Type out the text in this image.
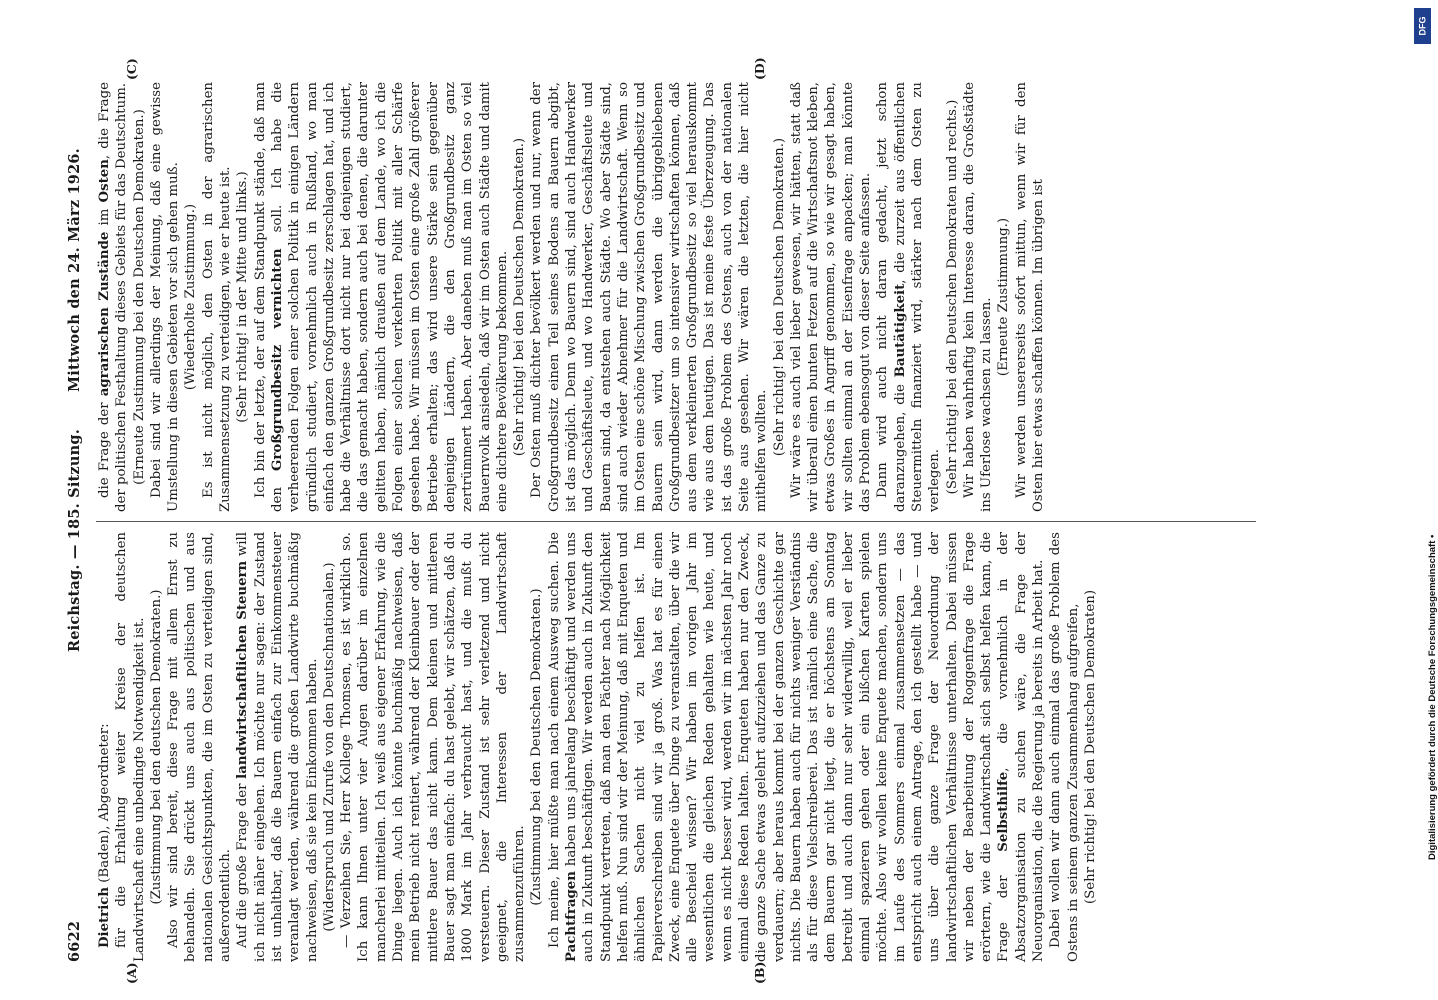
6622
Reichstag. — 185. Sitzung.
Mittwoch den 24. März 1926.
(A)	(B)
(C)	(D)

Dietrich (Baden), Abgeordneter: für die Erhaltung weiter Kreise der deutschen Landwirtschaft eine unbedingte Notwendigkeit ist. (Zustimmung bei den deutschen Demokraten.) Also wir sind bereit, diese Frage mit allem Ernst zu behandeln. Sie drückt uns auch aus politischen und aus nationalen Gesichtspunkten, die im Osten zu verteidigen sind, außerordentlich. Auf die große Frage der landwirtschaftlichen Steuern will ich nicht näher eingehen. Ich möchte nur sagen: der Zustand ist unhaltbar, daß die Bauern einfach zur Einkommensteuer veranlagt werden, während die großen Landwirte buchmäßig nachweisen, daß sie kein Einkommen haben. (Widerspruch und Zurufe von den Deutschnationalen.) — Verzeihen Sie, Herr Kollege Thomsen, es ist wirklich so. Ich kann Ihnen unter vier Augen darüber im einzelnen mancherlei mitteilen. Ich weiß aus eigener Erfahrung, wie die Dinge liegen. Auch ich könnte buchmäßig nachweisen, daß mein Betrieb nicht rentiert, während der Kleinbauer oder der mittlere Bauer das nicht kann. Dem kleinen und mittleren Bauer sagt man einfach: du hast gelebt, wir schätzen, daß du 1800 Mark im Jahr verbraucht hast, und die mußt du versteuern. Dieser Zustand ist sehr verletzend und nicht geeignet, die Interessen der Landwirtschaft zusammenzuführen. (Zustimmung bei den Deutschen Demokraten.) Ich meine, hier müßte man nach einem Ausweg suchen. Die Pachtfragen haben uns jahrelang beschäftigt und werden uns auch in Zukunft beschäftigen. Wir werden auch in Zukunft den Standpunkt vertreten, daß man den Pächter nach Möglichkeit helfen muß. Nun sind wir der Meinung, daß mit Enqueten und ähnlichen Sachen nicht viel zu helfen ist. Im Papierverschreiben sind wir ja groß. Was hat es für einen Zweck, eine Enquete über Dinge zu veranstalten, über die wir alle Bescheid wissen? Wir haben im vorigen Jahr im wesentlichen die gleichen Reden gehalten wie heute, und wenn es nicht besser wird, werden wir im nächsten Jahr noch einmal diese Reden halten. Enqueten haben nur den Zweck, die ganze Sache etwas gelehrt aufzuziehen und das Ganze zu verdauern; aber heraus kommt bei der ganzen Geschichte gar nichts. Die Bauern haben auch für nichts weniger Verständnis als für diese Vielschreiberei. Das ist nämlich eine Sache, die dem Bauern gar nicht liegt, die er höchstens am Sonntag betreibt und auch dann nur sehr widerwillig, weil er lieber einmal spazieren gehen oder ein bißchen Karten spielen möchte. Also wir wollen keine Enquete machen, sondern uns im Laufe des Sommers einmal zusammensetzen — das entspricht auch einem Antrage, den ich gestellt habe — und uns über die ganze Frage der Neuordnung der landwirtschaftlichen Verhältnisse unterhalten. Dabei müssen wir neben der Bearbeitung der Roggenfrage die Frage erörtern, wie die Landwirtschaft sich selbst helfen kann, die Frage der Selbsthilfe, die vornehmlich in der Absatzorganisation zu suchen wäre, die Frage der Neuorganisation, die die Regierung ja bereits in Arbeit hat. Dabei wollen wir dann auch einmal das große Problem des Ostens in seinem ganzen Zusammenhang aufgreifen, (Sehr richtig! bei den Deutschen Demokraten)

die Frage der agrarischen Zustände im Osten, die Frage der politischen Festhaltung dieses Gebiets für das Deutschtum. (Erneute Zustimmung bei den Deutschen Demokraten.) Dabei sind wir allerdings der Meinung, daß eine gewisse Umstellung in diesen Gebieten vor sich gehen muß. (Wiederholte Zustimmung.) Es ist nicht möglich, den Osten in der agrarischen Zusammensetzung zu verteidigen, wie er heute ist. (Sehr richtig! in der Mitte und links.) Ich bin der letzte, der auf dem Standpunkt stände, daß man den Großgrundbesitz vernichten soll. Ich habe die verheerenden Folgen einer solchen Politik in einigen Ländern gründlich studiert, vornehmlich auch in Rußland, wo man einfach den ganzen Großgrundbesitz zerschlagen hat, und ich habe die Verhältnisse dort nicht nur bei denjenigen studiert, die das gemacht haben, sondern auch bei denen, die darunter gelitten haben, nämlich draußen auf dem Lande, wo ich die Folgen einer solchen verkehrten Politik mit aller Schärfe gesehen habe. Wir müssen im Osten eine große Zahl größerer Betriebe erhalten; das wird unsere Stärke sein gegenüber denjenigen Ländern, die den Großgrundbesitz ganz zertrümmert haben. Aber daneben muß man im Osten so viel Bauernvolk ansiedeln, daß wir im Osten auch Städte und damit eine dichtere Bevölkerung bekommen. (Sehr richtig! bei den Deutschen Demokraten.) Der Osten muß dichter bevölkert werden und nur, wenn der Großgrundbesitz einen Teil seines Bodens an Bauern abgibt, ist das möglich. Denn wo Bauern sind, sind auch Handwerker und Geschäftsleute, und wo Handwerker, Geschäftsleute und Bauern sind, da entstehen auch Städte. Wo aber Städte sind, sind auch wieder Abnehmer für die Landwirtschaft. Wenn so im Osten eine schöne Mischung zwischen Großgrundbesitz und Bauern sein wird, dann werden die übriggebliebenen Großgrundbesitzer um so intensiver wirtschaften können, daß aus dem verkleinerten Großgrundbesitz so viel herauskommt wie aus dem heutigen. Das ist meine feste Überzeugung. Das ist das große Problem des Ostens, auch von der nationalen Seite aus gesehen. Wir wären die letzten, die hier nicht mithelfen wollten. (Sehr richtig! bei den Deutschen Demokraten.) Wir wäre es auch viel lieber gewesen, wir hätten, statt daß wir überall einen bunten Fetzen auf die Wirtschaftsnot kleben, etwas Großes in Angriff genommen, so wie wir gesagt haben, wir sollten einmal an der Eisenfrage anpacken; man könnte das Problem ebensogut von dieser Seite anfassen. Dann wird auch nicht daran gedacht, jetzt schon daranzugehen, die Bautätigkeit, die zurzeit aus öffentlichen Steuermitteln finanziert wird, stärker nach dem Osten zu verlegen. (Sehr richtig! bei den Deutschen Demokraten und rechts.) Wir haben wahrhaftig kein Interesse daran, die Großstädte ins Uferlose wachsen zu lassen.

(Erneute Zustimmung.) Wir werden unsererseits sofort mittun, wenn wir für den Osten hier etwas schaffen können. Im übrigen ist

Digitalisierung gefördert durch die Deutsche Forschungsgemeinschaft •
DFG
